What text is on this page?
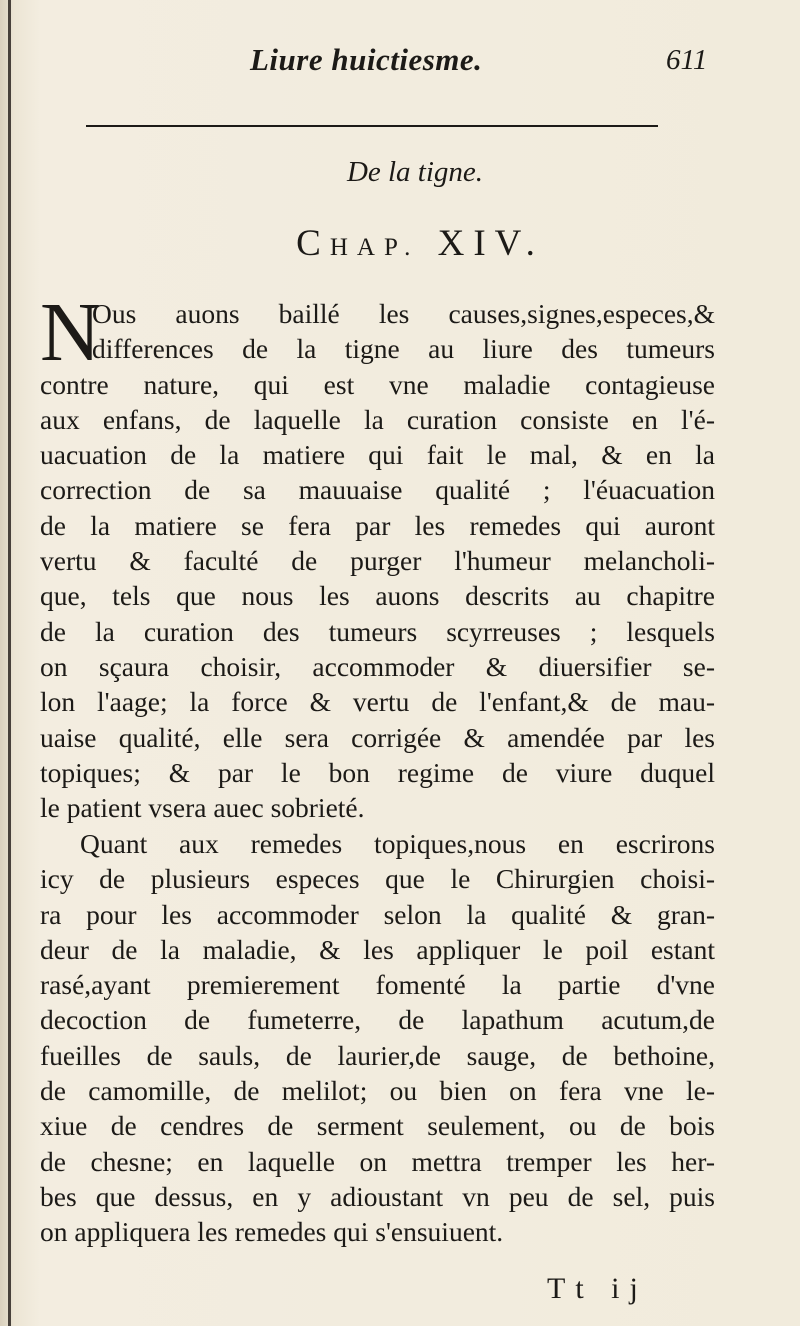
Liure huictiesme.	611
De la tigne.
CHAP. XIV.
N
Ous auons baillé les causes,signes,especes,&
differences de la tigne au liure des tumeurs
contre nature, qui est vne maladie contagieuse
aux enfans, de laquelle la curation consiste en l'é-
uacuation de la matiere qui fait le mal, & en la
correction de sa mauuaise qualité ; l'éuacuation
de la matiere se fera par les remedes qui auront
vertu & faculté de purger l'humeur melancholi-
que, tels que nous les auons descrits au chapitre
de la curation des tumeurs scyrreuses ; lesquels
on sçaura choisir, accommoder & diuersifier se-
lon l'aage; la force & vertu de l'enfant,& de mau-
uaise qualité, elle sera corrigée & amendée par les
topiques; & par le bon regime de viure duquel
le patient vsera auec sobrieté.
Quant aux remedes topiques,nous en escrirons
icy de plusieurs especes que le Chirurgien choisi-
ra pour les accommoder selon la qualité & gran-
deur de la maladie, & les appliquer le poil estant
rasé,ayant premierement fomenté la partie d'vne
decoction de fumeterre, de lapathum acutum,de
fueilles de sauls, de laurier,de sauge, de bethoine,
de camomille, de melilot; ou bien on fera vne le-
xiue de cendres de serment seulement, ou de bois
de chesne; en laquelle on mettra tremper les her-
bes que dessus, en y adioustant vn peu de sel, puis
on appliquera les remedes qui s'ensuiuent.
Tt ij
